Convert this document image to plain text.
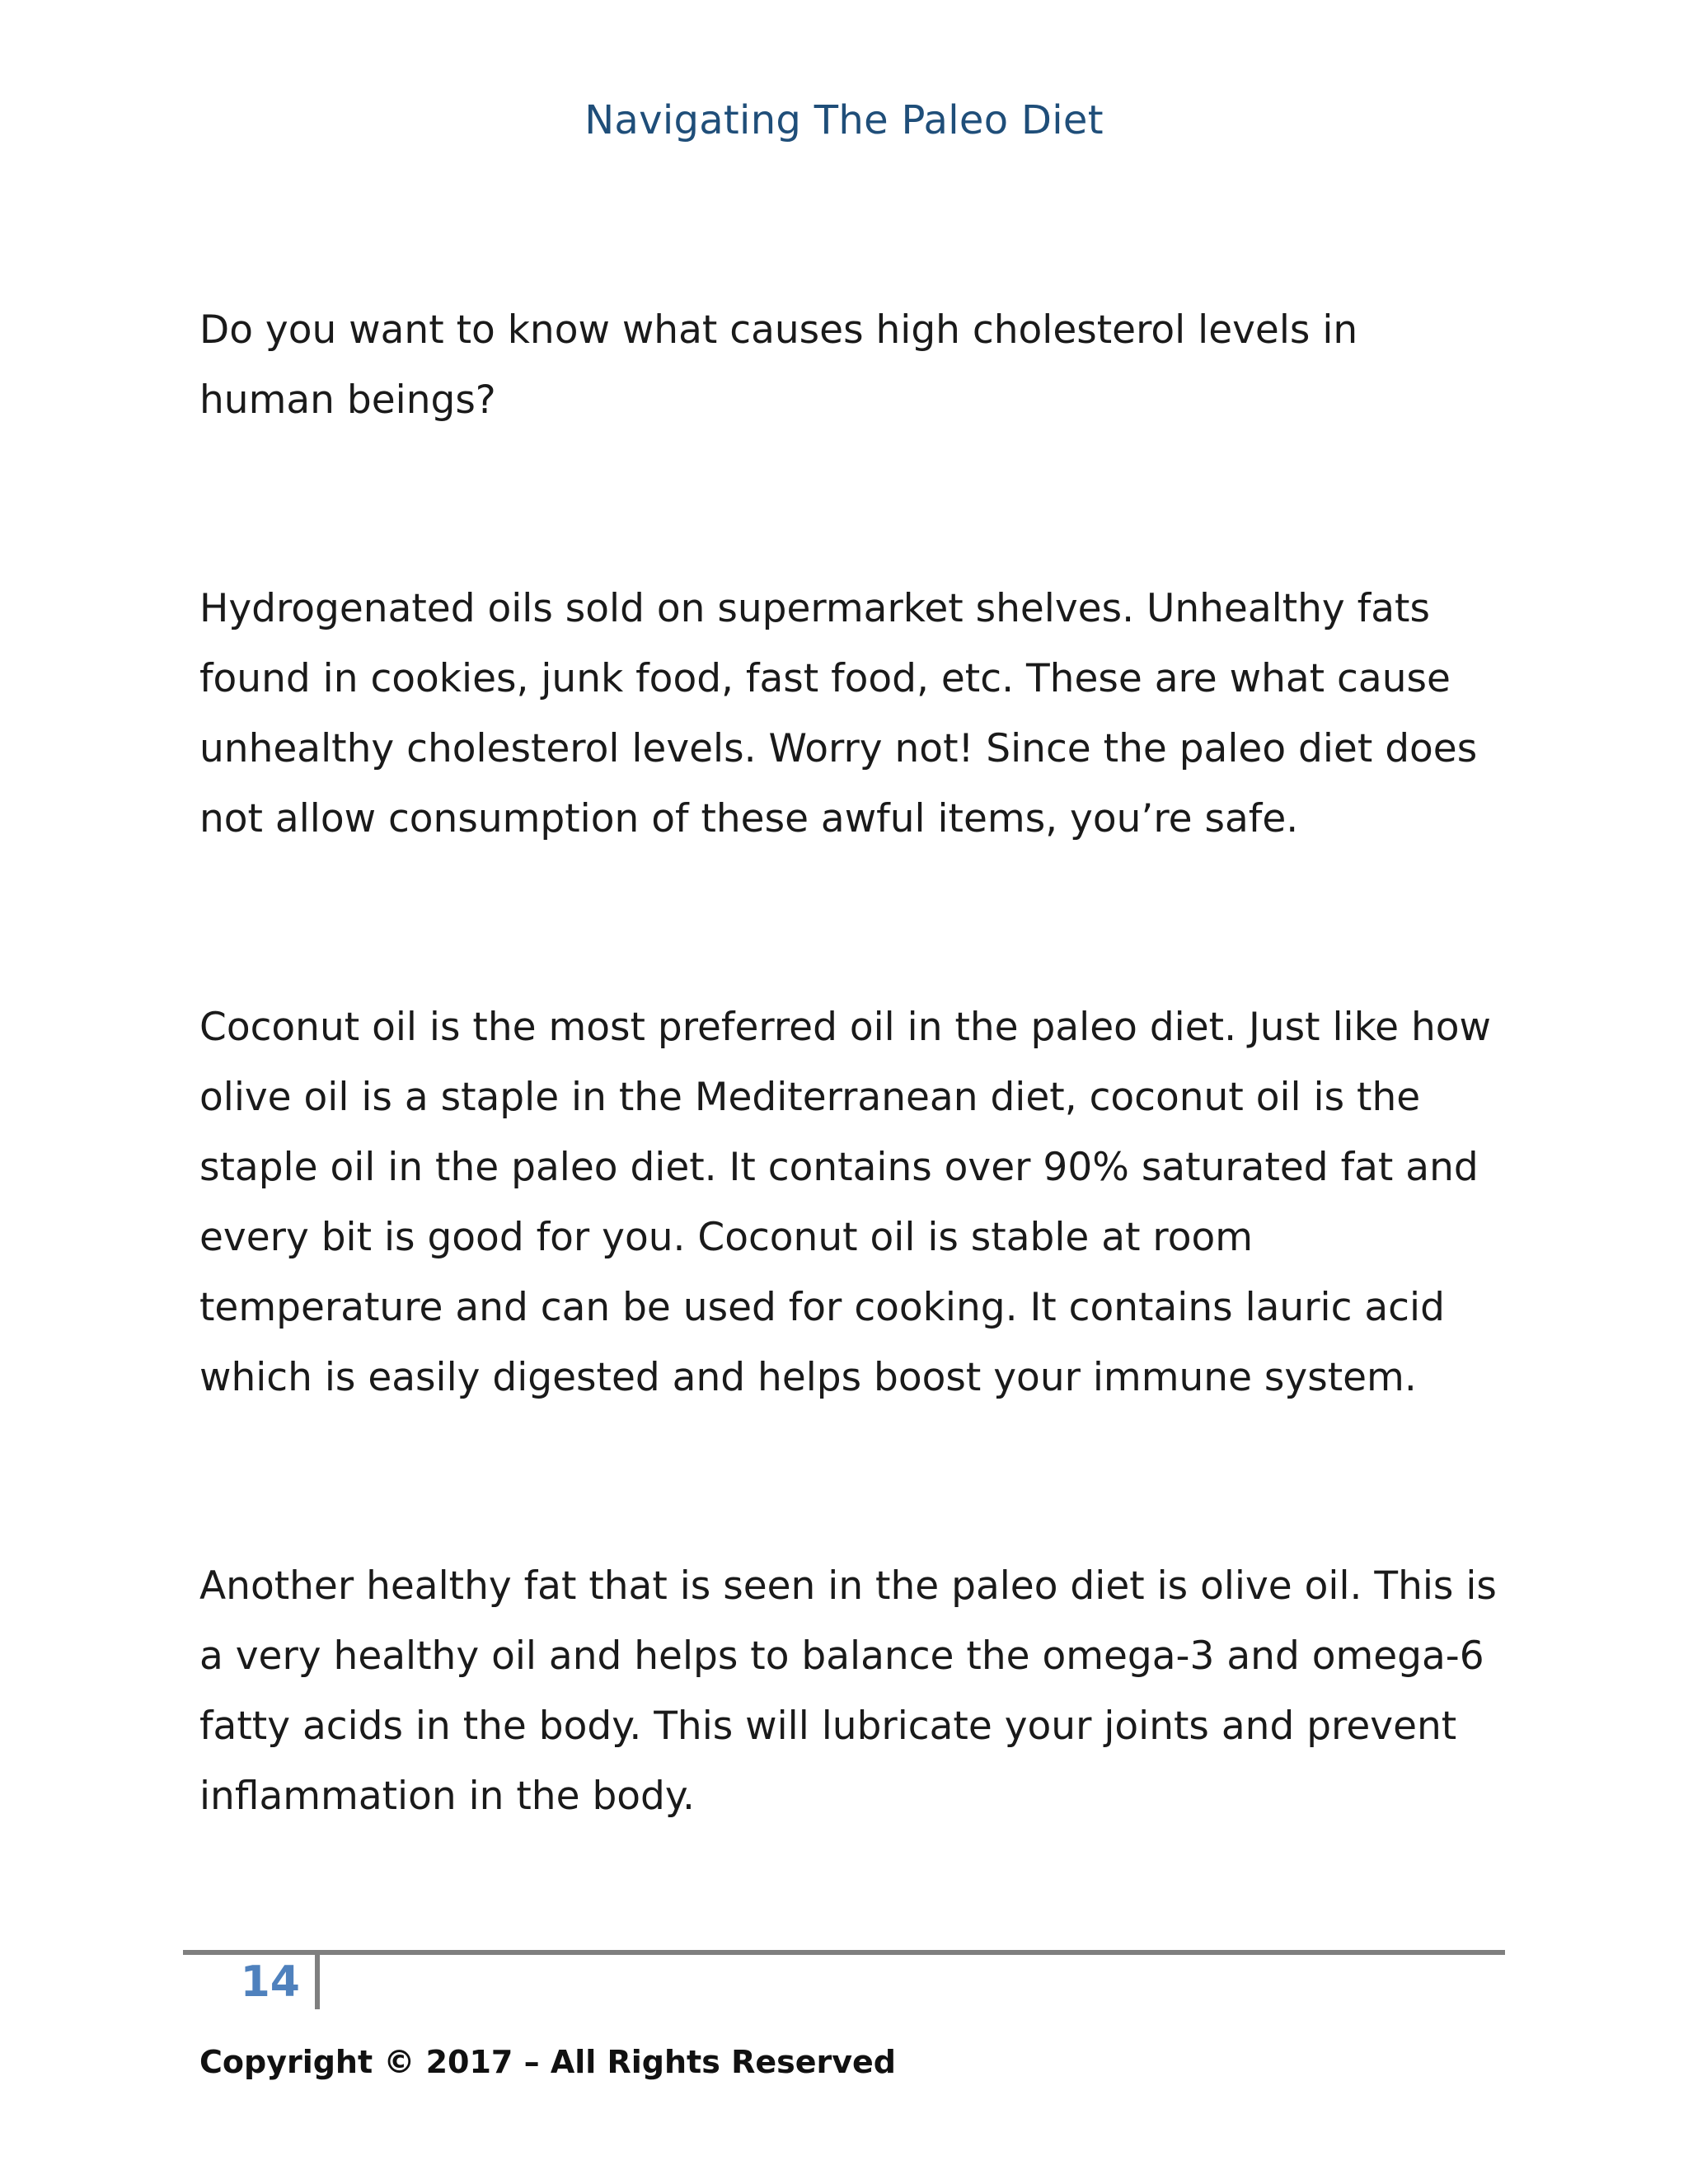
Navigating The Paleo Diet

Do you want to know what causes high cholesterol levels in human beings?

Hydrogenated oils sold on supermarket shelves. Unhealthy fats found in cookies, junk food, fast food, etc. These are what cause unhealthy cholesterol levels. Worry not! Since the paleo diet does not allow consumption of these awful items, you’re safe.

Coconut oil is the most preferred oil in the paleo diet. Just like how olive oil is a staple in the Mediterranean diet, coconut oil is the staple oil in the paleo diet. It contains over 90% saturated fat and every bit is good for you. Coconut oil is stable at room temperature and can be used for cooking. It contains lauric acid which is easily digested and helps boost your immune system.

Another healthy fat that is seen in the paleo diet is olive oil. This is a very healthy oil and helps to balance the omega-3 and omega-6 fatty acids in the body. This will lubricate your joints and prevent inflammation in the body.

14
Copyright © 2017 – All Rights Reserved
